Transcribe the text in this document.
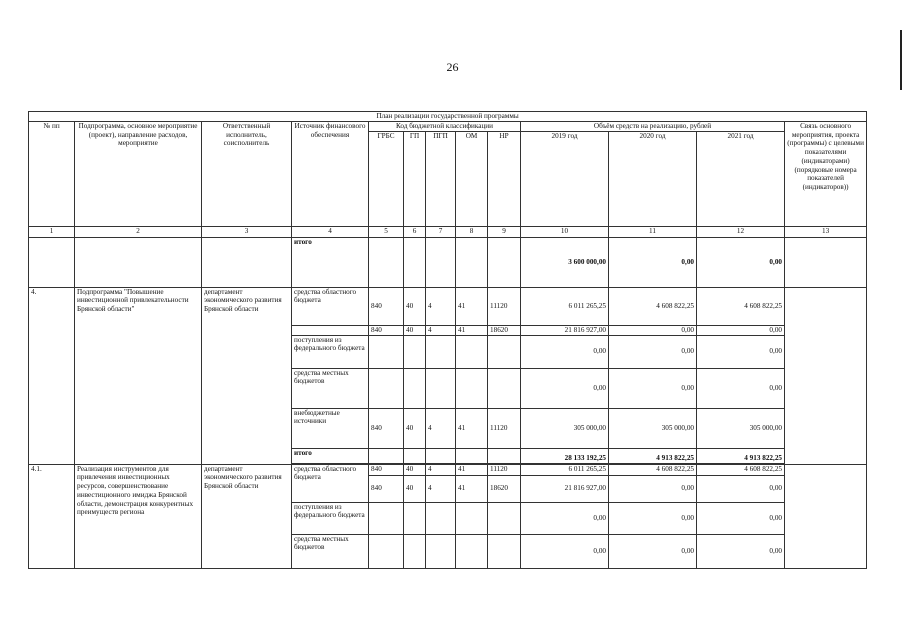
26
План реализации государственной программы												
№ пп	Подпрограмма, основное мероприятие (проект), направление расходов, мероприятие	Ответственный исполнитель, соисполнитель	Источник финансового обеспечения	Код бюджетной классификации					Объём средств на реализацию, рублей			Связь основного мероприятия, проекта (программы) с целевыми показателями (индикаторами) (порядковые номера показателей (индикаторов))
				ГРБС	ГП	ПГП	ОМ	НР	2019 год	2020 год	2021 год	
1	2	3	4	5	6	7	8	9	10	11	12	13
			итого						3 600 000,00	0,00	0,00	
4.	Подпрограмма "Повышение инвестиционной привлекательности Брянской области"	департамент экономического развития Брянской области	средства областного бюджета	840	40	4	41	11120	6 011 265,25	4 608 822,25	4 608 822,25	
				840	40	4	41	18620	21 816 927,00	0,00	0,00	
			поступления из федерального бюджета						0,00	0,00	0,00	
			средства местных бюджетов						0,00	0,00	0,00	
			внебюджетные источники	840	40	4	41	11120	305 000,00	305 000,00	305 000,00	
			итого						28 133 192,25	4 913 822,25	4 913 822,25	

4.1.	Реализация инструментов для привлечения инвестиционных ресурсов, совершенствование инвестиционного имиджа Брянской области, демонстрация конкурентных преимуществ региона	департамент экономического развития Брянской области	средства областного бюджета	840	40	4	41	11120	6 011 265,25	4 608 822,25	4 608 822,25	
				840	40	4	41	18620	21 816 927,00	0,00	0,00	
			поступления из федерального бюджета						0,00	0,00	0,00	
			средства местных бюджетов						0,00	0,00	0,00	
